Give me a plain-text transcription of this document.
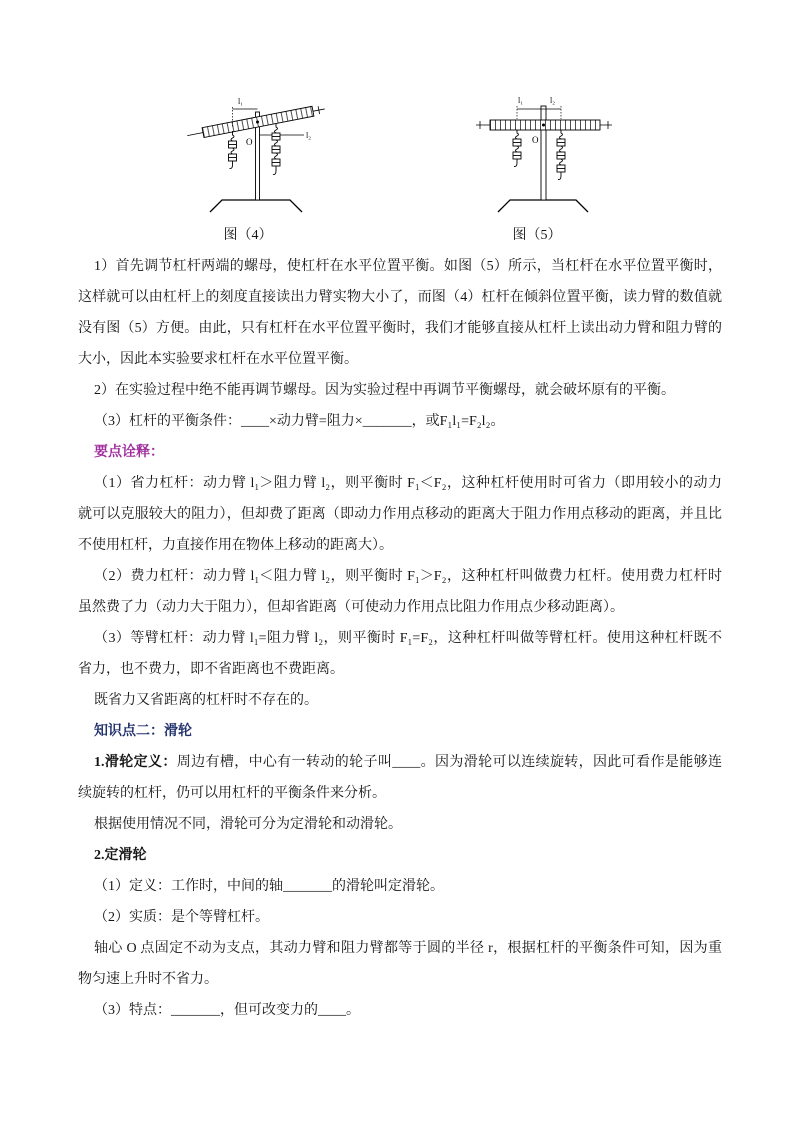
l₁
l₂
O
图（4）
l₁	l₂
O
图（5）
1）首先调节杠杆两端的螺母，使杠杆在水平位置平衡。如图（5）所示，当杠杆在水平位置平衡时，
这样就可以由杠杆上的刻度直接读出力臂实物大小了，而图（4）杠杆在倾斜位置平衡，读力臂的数值就
没有图（5）方便。由此，只有杠杆在水平位置平衡时，我们才能够直接从杠杆上读出动力臂和阻力臂的
大小，因此本实验要求杠杆在水平位置平衡。
2）在实验过程中绝不能再调节螺母。因为实验过程中再调节平衡螺母，就会破坏原有的平衡。
（3）杠杆的平衡条件：____×动力臂=阻力×_______，或F₁l₁=F₂l₂。
要点诠释：
（1）省力杠杆：动力臂 l₁＞阻力臂 l₂，则平衡时 F₁＜F₂，这种杠杆使用时可省力（即用较小的动力
就可以克服较大的阻力），但却费了距离（即动力作用点移动的距离大于阻力作用点移动的距离，并且比
不使用杠杆，力直接作用在物体上移动的距离大）。
（2）费力杠杆：动力臂 l₁＜阻力臂 l₂，则平衡时 F₁＞F₂，这种杠杆叫做费力杠杆。使用费力杠杆时
虽然费了力（动力大于阻力），但却省距离（可使动力作用点比阻力作用点少移动距离）。
（3）等臂杠杆：动力臂 l₁=阻力臂 l₂，则平衡时 F₁=F₂，这种杠杆叫做等臂杠杆。使用这种杠杆既不
省力，也不费力，即不省距离也不费距离。
既省力又省距离的杠杆时不存在的。
知识点二：滑轮
1.滑轮定义：周边有槽，中心有一转动的轮子叫____。因为滑轮可以连续旋转，因此可看作是能够连
续旋转的杠杆，仍可以用杠杆的平衡条件来分析。
根据使用情况不同，滑轮可分为定滑轮和动滑轮。
2.定滑轮
（1）定义：工作时，中间的轴_______的滑轮叫定滑轮。
（2）实质：是个等臂杠杆。
轴心 O 点固定不动为支点，其动力臂和阻力臂都等于圆的半径 r，根据杠杆的平衡条件可知，因为重
物匀速上升时不省力。
（3）特点：_______，但可改变力的____。
